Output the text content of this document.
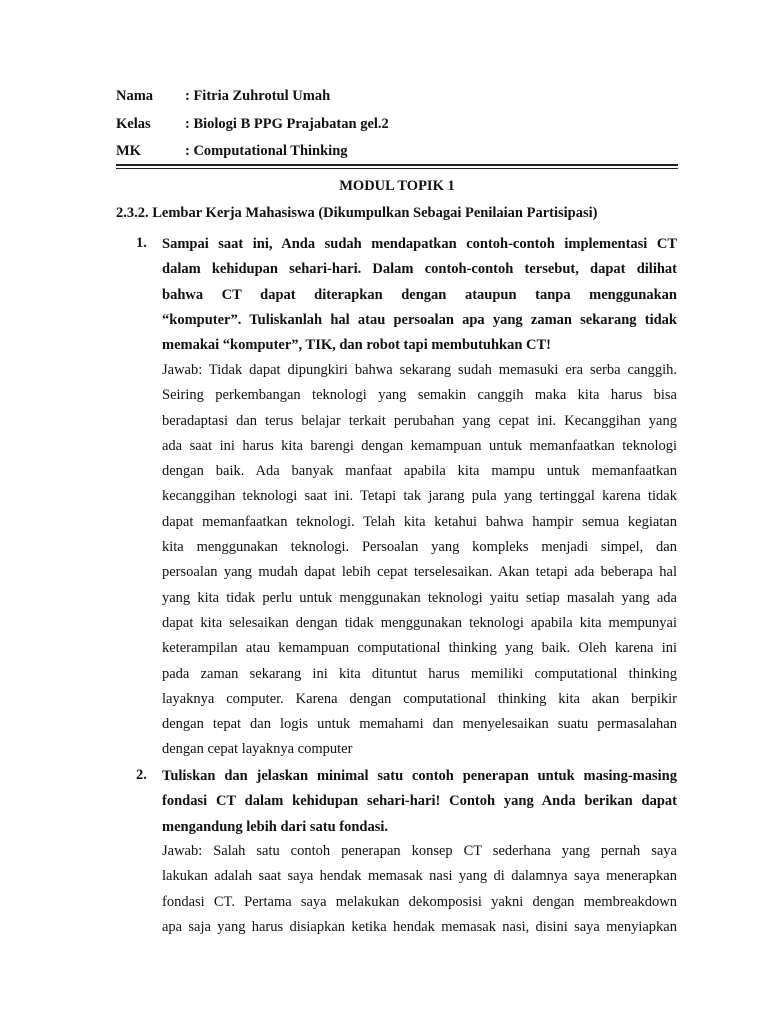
Nama : Fitria Zuhrotul Umah
Kelas : Biologi B PPG Prajabatan gel.2
MK	: Computational Thinking
MODUL TOPIK 1
2.3.2. Lembar Kerja Mahasiswa (Dikumpulkan Sebagai Penilaian Partisipasi)
1. Sampai saat ini, Anda sudah mendapatkan contoh-contoh implementasi CT
dalam kehidupan sehari-hari. Dalam contoh-contoh tersebut, dapat dilihat
bahwa CT dapat diterapkan dengan ataupun tanpa menggunakan
“komputer”. Tuliskanlah hal atau persoalan apa yang zaman sekarang tidak
memakai “komputer”, TIK, dan robot tapi membutuhkan CT!
Jawab: Tidak dapat dipungkiri bahwa sekarang sudah memasuki era serba canggih.
Seiring perkembangan teknologi yang semakin canggih maka kita harus bisa
beradaptasi dan terus belajar terkait perubahan yang cepat ini. Kecanggihan yang
ada saat ini harus kita barengi dengan kemampuan untuk memanfaatkan teknologi
dengan baik. Ada banyak manfaat apabila kita mampu untuk memanfaatkan
kecanggihan teknologi saat ini. Tetapi tak jarang pula yang tertinggal karena tidak
dapat memanfaatkan teknologi. Telah kita ketahui bahwa hampir semua kegiatan
kita menggunakan teknologi. Persoalan yang kompleks menjadi simpel, dan
persoalan yang mudah dapat lebih cepat terselesaikan. Akan tetapi ada beberapa hal
yang kita tidak perlu untuk menggunakan teknologi yaitu setiap masalah yang ada
dapat kita selesaikan dengan tidak menggunakan teknologi apabila kita mempunyai
keterampilan atau kemampuan computational thinking yang baik. Oleh karena ini
pada zaman sekarang ini kita dituntut harus memiliki computational thinking
layaknya computer. Karena dengan computational thinking kita akan berpikir
dengan tepat dan logis untuk memahami dan menyelesaikan suatu permasalahan
dengan cepat layaknya computer
2. Tuliskan dan jelaskan minimal satu contoh penerapan untuk masing-masing
fondasi CT dalam kehidupan sehari-hari! Contoh yang Anda berikan dapat
mengandung lebih dari satu fondasi.
Jawab: Salah satu contoh penerapan konsep CT sederhana yang pernah saya
lakukan adalah saat saya hendak memasak nasi yang di dalamnya saya menerapkan
fondasi CT. Pertama saya melakukan dekomposisi yakni dengan membreakdown
apa saja yang harus disiapkan ketika hendak memasak nasi, disini saya menyiapkan
